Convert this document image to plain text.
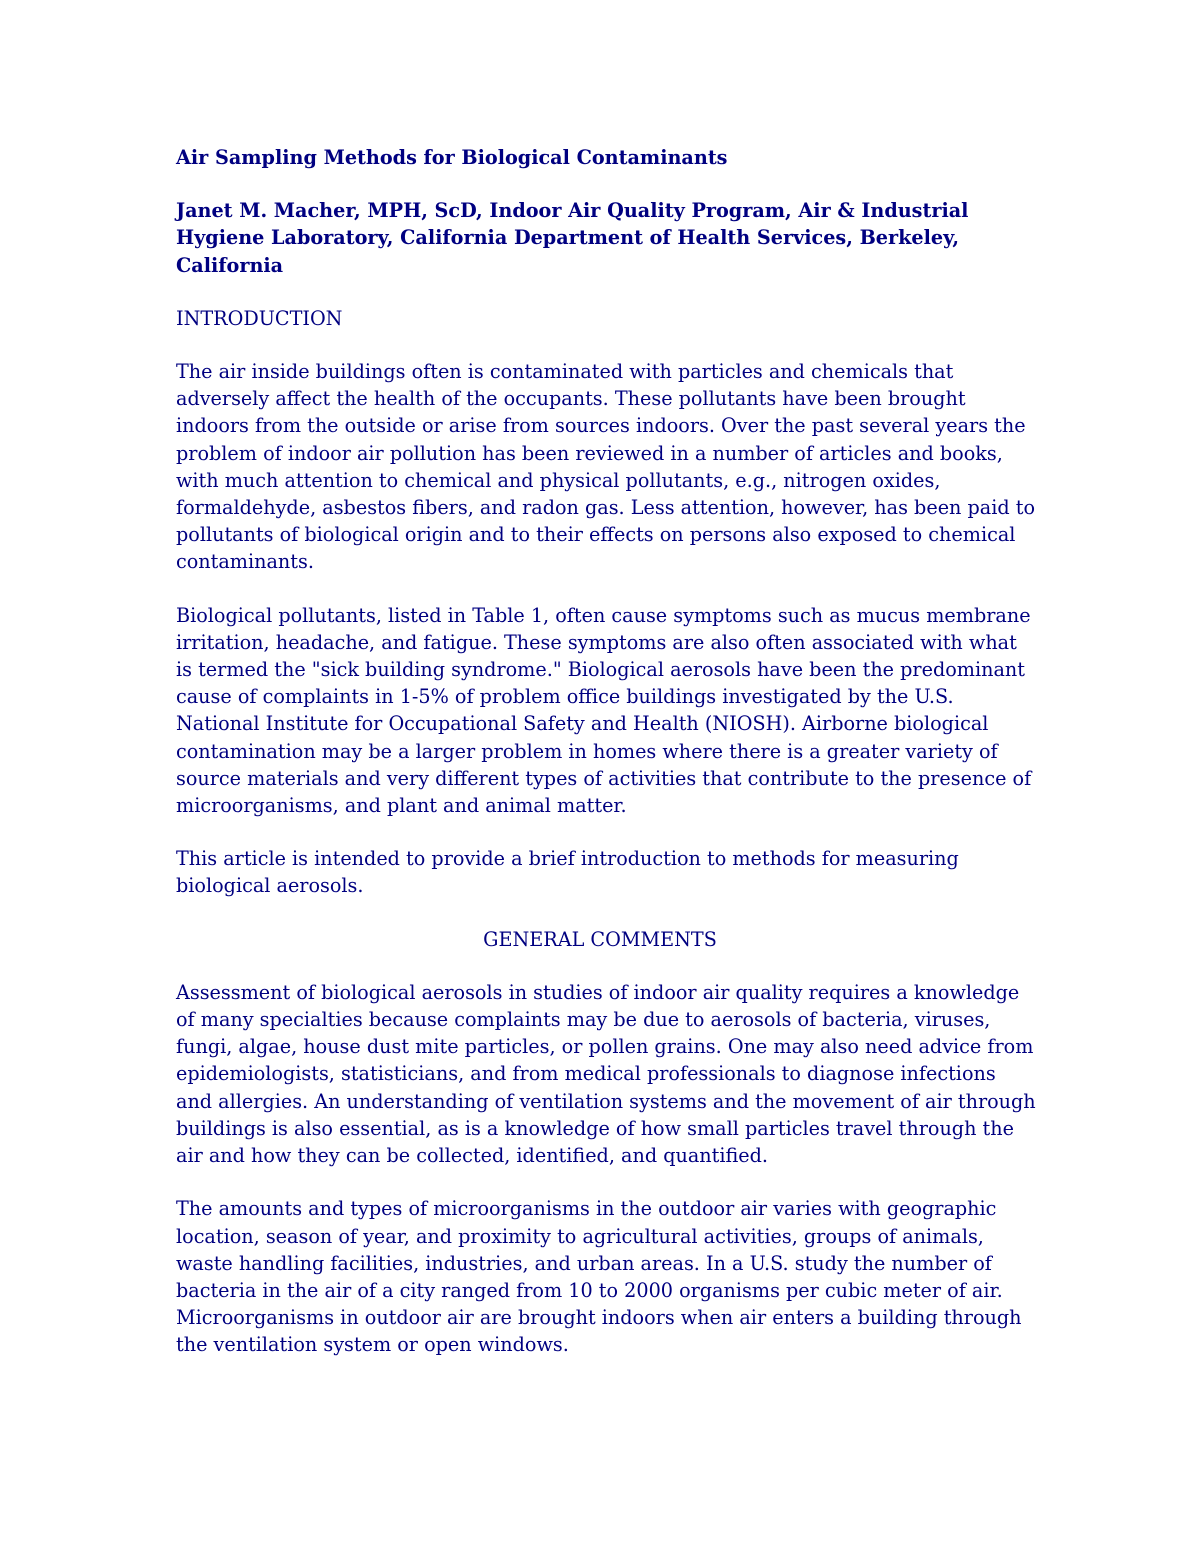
Air Sampling Methods for Biological Contaminants
Janet M. Macher, MPH, ScD, Indoor Air Quality Program, Air & Industrial Hygiene Laboratory, California Department of Health Services, Berkeley, California
INTRODUCTION
The air inside buildings often is contaminated with particles and chemicals that adversely affect the health of the occupants. These pollutants have been brought indoors from the outside or arise from sources indoors. Over the past several years the problem of indoor air pollution has been reviewed in a number of articles and books, with much attention to chemical and physical pollutants, e.g., nitrogen oxides, formaldehyde, asbestos fibers, and radon gas. Less attention, however, has been paid to pollutants of biological origin and to their effects on persons also exposed to chemical contaminants.
Biological pollutants, listed in Table 1, often cause symptoms such as mucus membrane irritation, headache, and fatigue. These symptoms are also often associated with what is termed the "sick building syndrome." Biological aerosols have been the predominant cause of complaints in 1-5% of problem office buildings investigated by the U.S. National Institute for Occupational Safety and Health (NIOSH). Airborne biological contamination may be a larger problem in homes where there is a greater variety of source materials and very different types of activities that contribute to the presence of microorganisms, and plant and animal matter.
This article is intended to provide a brief introduction to methods for measuring biological aerosols.
GENERAL COMMENTS
Assessment of biological aerosols in studies of indoor air quality requires a knowledge of many specialties because complaints may be due to aerosols of bacteria, viruses, fungi, algae, house dust mite particles, or pollen grains. One may also need advice from epidemiologists, statisticians, and from medical professionals to diagnose infections and allergies. An understanding of ventilation systems and the movement of air through buildings is also essential, as is a knowledge of how small particles travel through the air and how they can be collected, identified, and quantified.
The amounts and types of microorganisms in the outdoor air varies with geographic location, season of year, and proximity to agricultural activities, groups of animals, waste handling facilities, industries, and urban areas. In a U.S. study the number of bacteria in the air of a city ranged from 10 to 2000 organisms per cubic meter of air. Microorganisms in outdoor air are brought indoors when air enters a building through the ventilation system or open windows.
